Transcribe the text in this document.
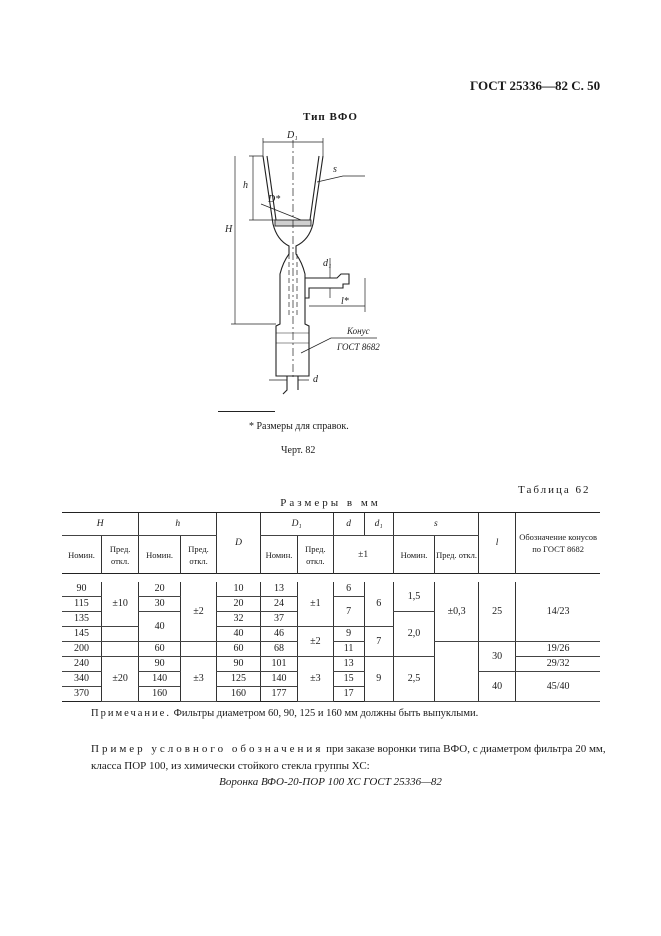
ГОСТ 25336—82 С. 50
Тип ВФО
D₁
h
H
s
D*
d₁
l*
Конус
ГОСТ 8682
d
* Размеры для справок.
Черт. 82
Таблица 62
Размеры в мм
H		h		D	D₁		d	d₁	s		l	Обозначение конусов по ГОСТ 8682
Номин.	Пред. откл.	Номин.	Пред. откл.		Номин.	Пред. откл.	±1		Номин.	Пред. откл.		

90	±10	20	±2	10	13	±1	6	6	1,5	±0,3	25	14/23
115		30		20	24		7					
135		40		32	37				2,0			
145				40	46	±2	9	7				
200		60		60	68		11				30	19/26
240	±20	90	±3	90	101	±3	13	9	2,5			29/32
340		140		125	140		15				40	45/40
370		160		160	177		17					
Примечание. Фильтры диаметром 60, 90, 125 и 160 мм должны быть выпуклыми.
Пример условного обозначения при заказе воронки типа ВФО, с диаметром фильтра 20 мм, класса ПОР 100, из химически стойкого стекла группы ХС:
Воронка ВФО-20-ПОР 100 ХС ГОСТ 25336—82
